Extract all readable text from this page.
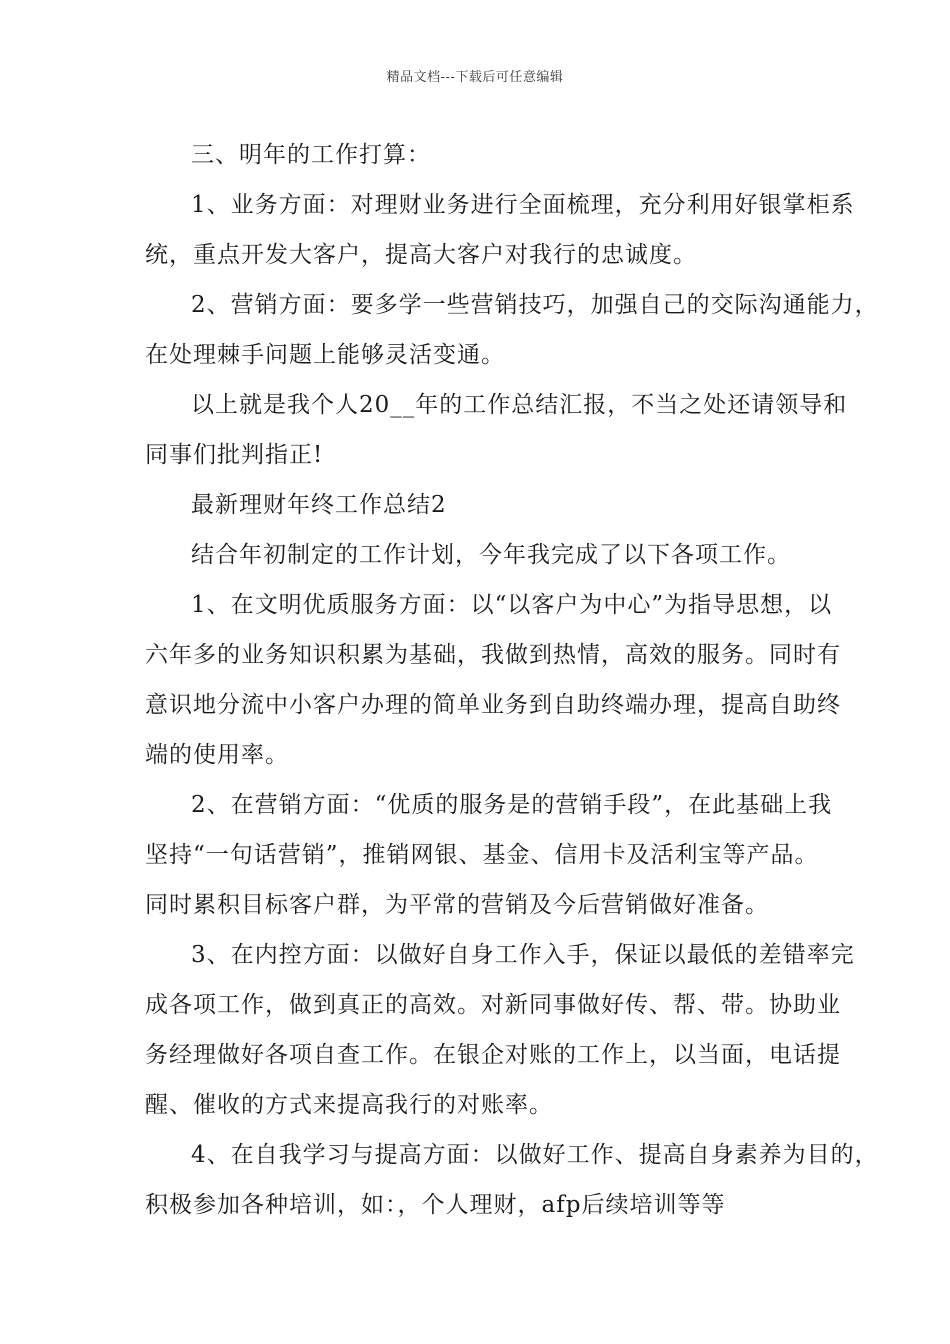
精品文档---下载后可任意编辑

三、明年的工作打算：

1、业务方面：对理财业务进行全面梳理，充分利用好银掌柜系

统，重点开发大客户，提高大客户对我行的忠诚度。

2、营销方面：要多学一些营销技巧，加强自己的交际沟通能力，

在处理棘手问题上能够灵活变通。

以上就是我个人20__年的工作总结汇报，不当之处还请领导和

同事们批判指正!

最新理财年终工作总结2

结合年初制定的工作计划，今年我完成了以下各项工作。

1、在文明优质服务方面：以“以客户为中心”为指导思想，以

六年多的业务知识积累为基础，我做到热情，高效的服务。同时有

意识地分流中小客户办理的简单业务到自助终端办理，提高自助终

端的使用率。

2、在营销方面：“优质的服务是的营销手段”，在此基础上我

坚持“一句话营销”，推销网银、基金、信用卡及活利宝等产品。

同时累积目标客户群，为平常的营销及今后营销做好准备。

3、在内控方面：以做好自身工作入手，保证以最低的差错率完

成各项工作，做到真正的高效。对新同事做好传、帮、带。协助业

务经理做好各项自查工作。在银企对账的工作上，以当面，电话提

醒、催收的方式来提高我行的对账率。

4、在自我学习与提高方面：以做好工作、提高自身素养为目的，

积极参加各种培训，如：，个人理财，afp后续培训等等
